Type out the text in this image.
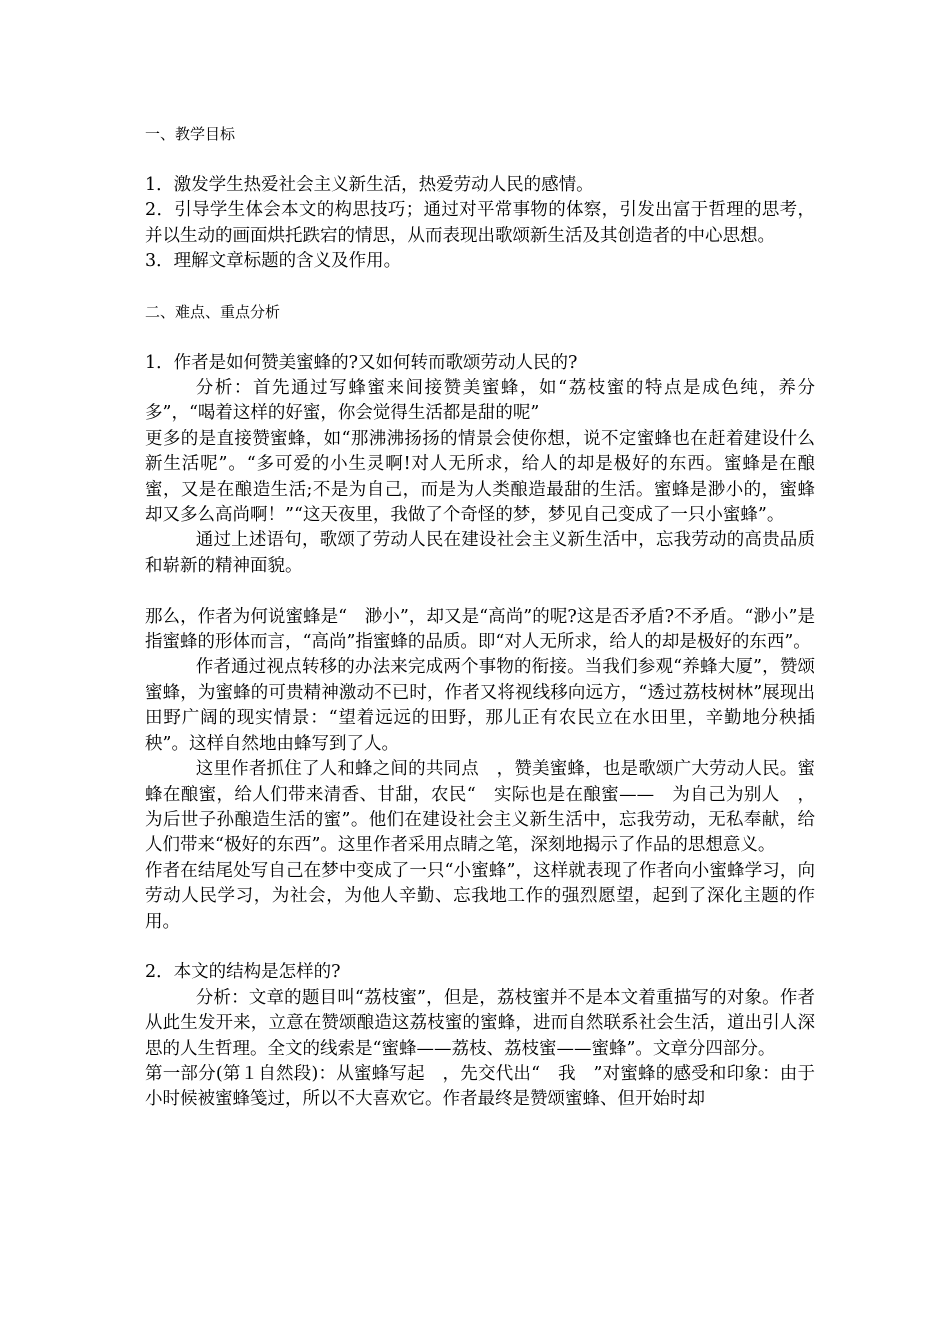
一、教学目标

1．激发学生热爱社会主义新生活，热爱劳动人民的感情。

2．引导学生体会本文的构思技巧；通过对平常事物的体察，引发出富于哲理的思考，并以生动的画面烘托跌宕的情思，从而表现出歌颂新生活及其创造者的中心思想。

3．理解文章标题的含义及作用。

二、难点、重点分析

1．作者是如何赞美蜜蜂的?又如何转而歌颂劳动人民的?

分析：首先通过写蜂蜜来间接赞美蜜蜂，如“荔枝蜜的特点是成色纯，养分多”，“喝着这样的好蜜，你会觉得生活都是甜的呢”

更多的是直接赞蜜蜂，如“那沸沸扬扬的情景会使你想，说不定蜜蜂也在赶着建设什么新生活呢”。“多可爱的小生灵啊!对人无所求，给人的却是极好的东西。蜜蜂是在酿蜜，又是在酿造生活;不是为自己，而是为人类酿造最甜的生活。蜜蜂是渺小的，蜜蜂却又多么高尚啊！”“这天夜里，我做了个奇怪的梦，梦见自己变成了一只小蜜蜂”。

通过上述语句，歌颂了劳动人民在建设社会主义新生活中，忘我劳动的高贵品质和崭新的精神面貌。

那么，作者为何说蜜蜂是“　渺小”，却又是“高尚”的呢?这是否矛盾?不矛盾。“渺小”是指蜜蜂的形体而言，“高尚”指蜜蜂的品质。即“对人无所求，给人的却是极好的东西”。

作者通过视点转移的办法来完成两个事物的衔接。当我们参观“养蜂大厦”，赞颂蜜蜂，为蜜蜂的可贵精神激动不已时，作者又将视线移向远方，“透过荔枝树林”展现出田野广阔的现实情景：“望着远远的田野，那儿正有农民立在水田里，辛勤地分秧插秧”。这样自然地由蜂写到了人。

这里作者抓住了人和蜂之间的共同点　，赞美蜜蜂，也是歌颂广大劳动人民。蜜蜂在酿蜜，给人们带来清香、甘甜，农民“　实际也是在酿蜜——　为自己为别人　，为后世子孙酿造生活的蜜”。他们在建设社会主义新生活中，忘我劳动，无私奉献，给人们带来“极好的东西”。这里作者采用点睛之笔，深刻地揭示了作品的思想意义。

作者在结尾处写自己在梦中变成了一只“小蜜蜂”，这样就表现了作者向小蜜蜂学习，向劳动人民学习，为社会，为他人辛勤、忘我地工作的强烈愿望，起到了深化主题的作用。

2．本文的结构是怎样的?

分析：文章的题目叫“荔枝蜜”，但是，荔枝蜜并不是本文着重描写的对象。作者从此生发开来，立意在赞颂酿造这荔枝蜜的蜜蜂，进而自然联系社会生活，道出引人深思的人生哲理。全文的线索是“蜜蜂——荔枝、荔枝蜜——蜜蜂”。文章分四部分。

第一部分(第１自然段)：从蜜蜂写起　，先交代出“　我　”对蜜蜂的感受和印象：由于小时候被蜜蜂笺过，所以不大喜欢它。作者最终是赞颂蜜蜂、但开始时却
